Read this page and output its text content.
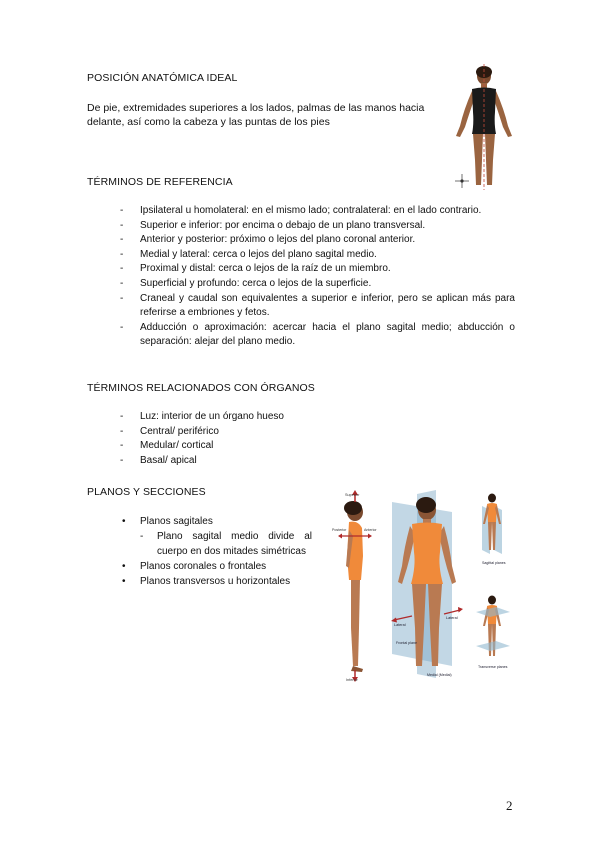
POSICIÓN ANATÓMICA IDEAL
De pie, extremidades superiores a los lados, palmas de las manos hacia delante, así como la cabeza y las puntas de los pies
TÉRMINOS DE REFERENCIA
- Ipsilateral u homolateral: en el mismo lado; contralateral: en el lado contrario.
- Superior e inferior: por encima o debajo de un plano transversal.
- Anterior y posterior: próximo o lejos del plano coronal anterior.
- Medial y lateral: cerca o lejos del plano sagital medio.
- Proximal y distal: cerca o lejos de la raíz de un miembro.
- Superficial y profundo: cerca o lejos de la superficie.
- Craneal y caudal son equivalentes a superior e inferior, pero se aplican más para referirse a embriones y fetos.
- Adducción o aproximación: acercar hacia el plano sagital medio; abducción o separación: alejar del plano medio.
TÉRMINOS RELACIONADOS CON ÓRGANOS
- Luz: interior de un órgano hueso
- Central/ periférico
- Medular/ cortical
- Basal/ apical
PLANOS Y SECCIONES
• Planos sagitales
- Plano sagital medio divide al cuerpo en dos mitades simétricas
• Planos coronales o frontales
• Planos transversos u horizontales
Superior
Inferior
Posterior	Anterior
Lateral
Lateral
Frontal plane
Medial (Medial)
Sagittal planes
Transverse planes
2
